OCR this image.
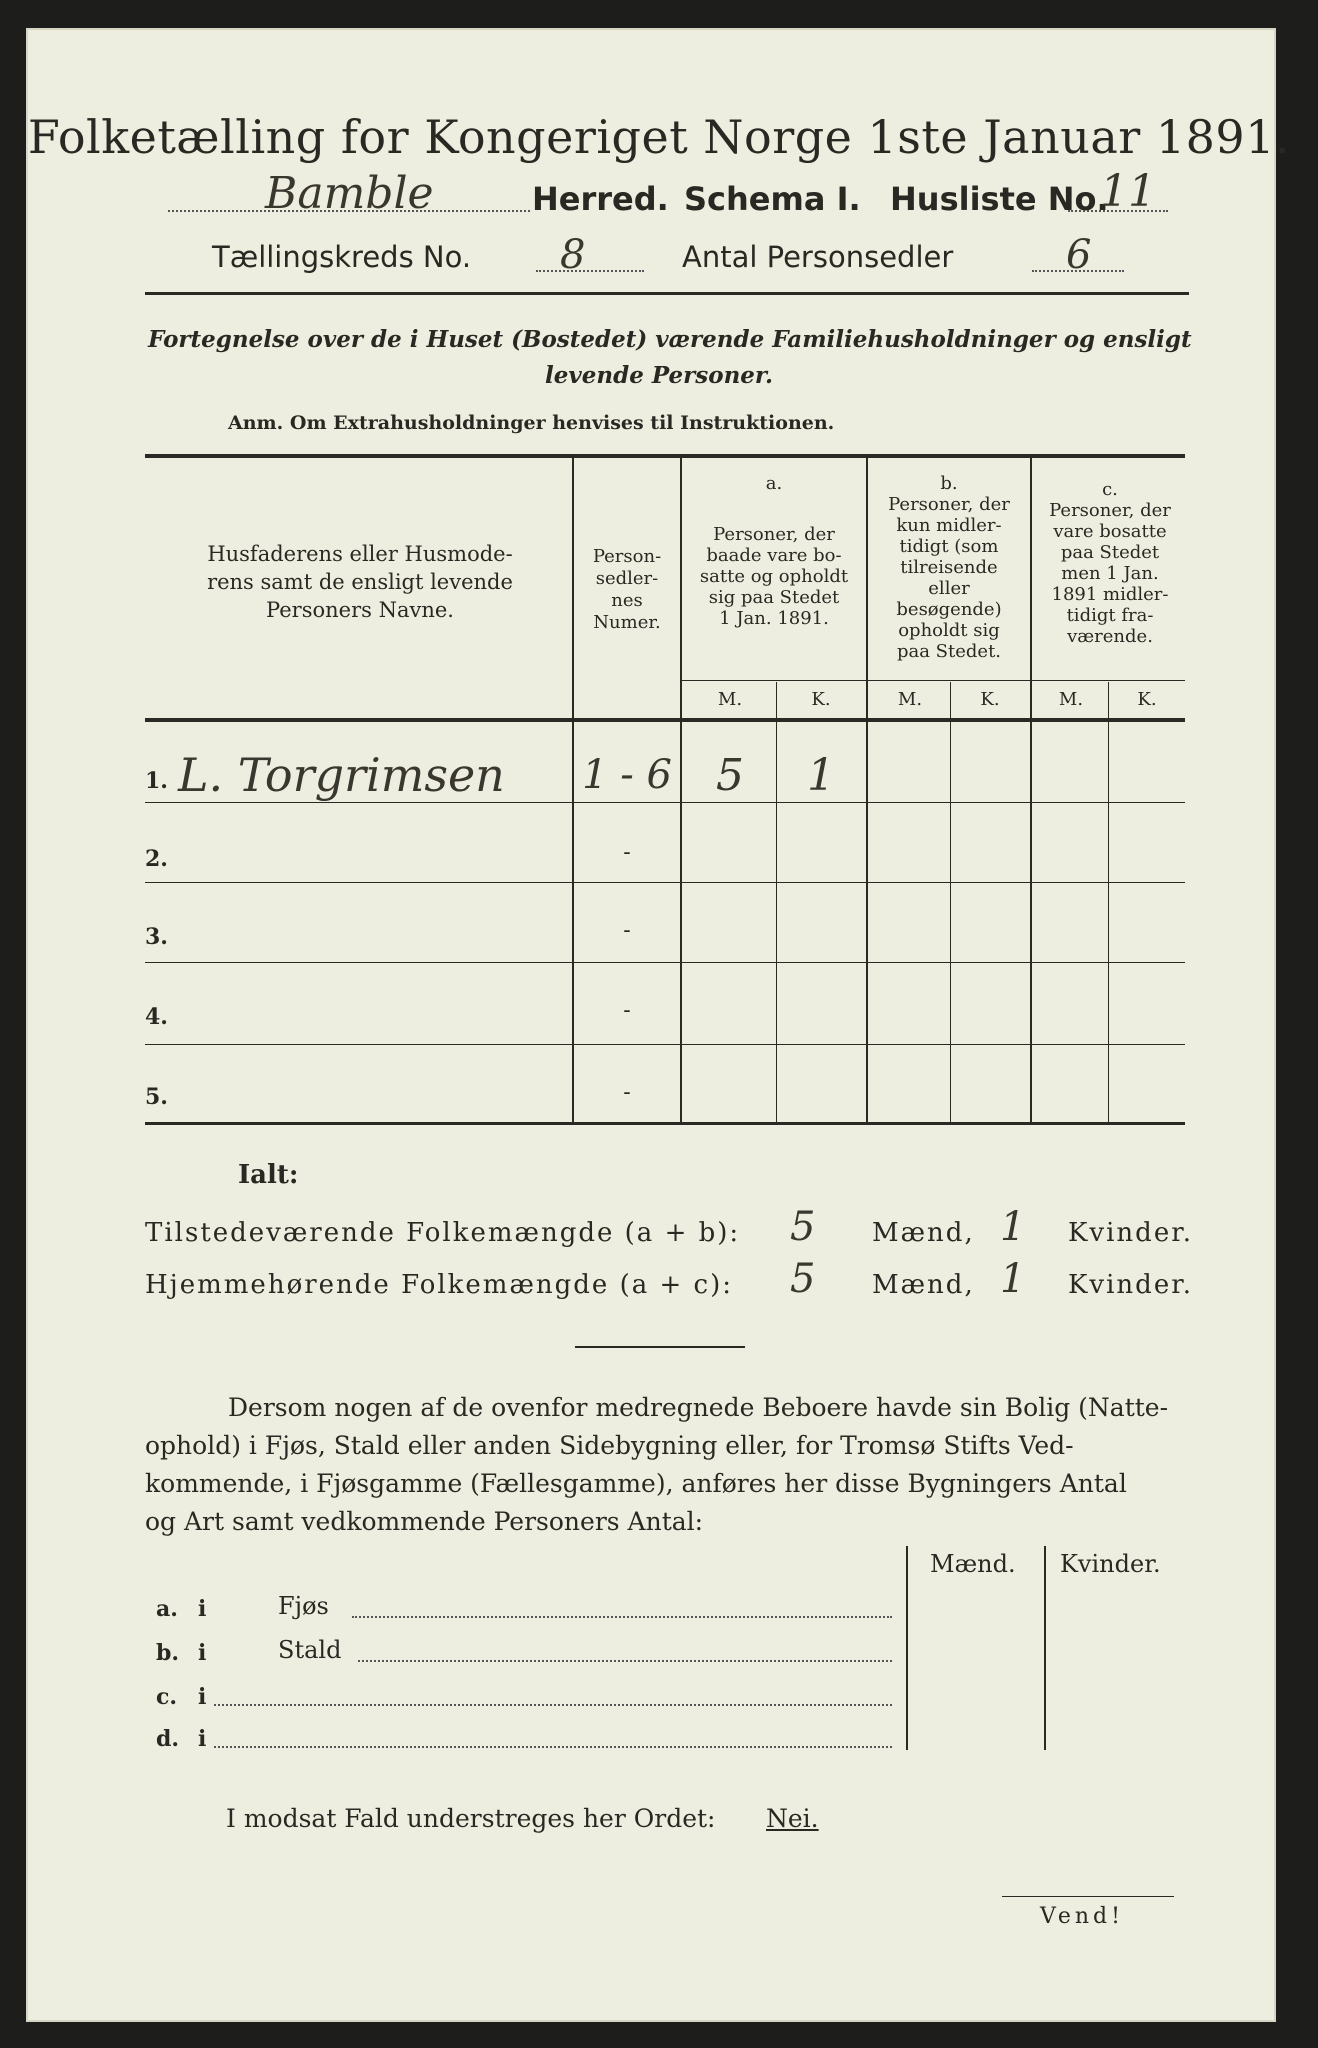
Folketælling for Kongeriget Norge 1ste Januar 1891.
Bamble	Herred. Schema I. Husliste No.
11
Tællingskreds No. 8	Antal Personsedler	6
Fortegnelse over de i Huset (Bostedet) værende Familiehusholdninger og ensligt
levende Personer.
Anm. Om Extrahusholdninger henvises til Instruktionen.
Husfaderens eller Husmode-
rens samt de ensligt levende
Personers Navne.
Person-
sedler-
nes
Numer.
a.
Personer, der
baade vare bo-
satte og opholdt
sig paa Stedet
1 Jan. 1891.
b.
Personer, der
kun midler-
tidigt (som
tilreisende
eller
besøgende)
opholdt sig
paa Stedet.
c.
Personer, der
vare bosatte
paa Stedet
men 1 Jan.
1891 midler-
tidigt fra-
værende.
M.	K.	M.	K.	M.	K.
1. L. Torgrimsen 1 - 6	5	1
2.	-
3.	-
4.	-
5.	-
Ialt:
Tilstedeværende Folkemængde (a + b): 5 Mænd, 1 Kvinder.
Hjemmehørende Folkemængde (a + c): 5 Mænd, 1 Kvinder.
Dersom nogen af de ovenfor medregnede Beboere havde sin Bolig (Natte-
ophold) i Fjøs, Stald eller anden Sidebygning eller, for Tromsø Stifts Ved-
kommende, i Fjøsgamme (Fællesgamme), anføres her disse Bygningers Antal
og Art samt vedkommende Personers Antal:
Mænd. Kvinder.
a. i	Fjøs
b. i	Stald
c. i
d. i
I modsat Fald understreges her Ordet: Nei.
Vend!
